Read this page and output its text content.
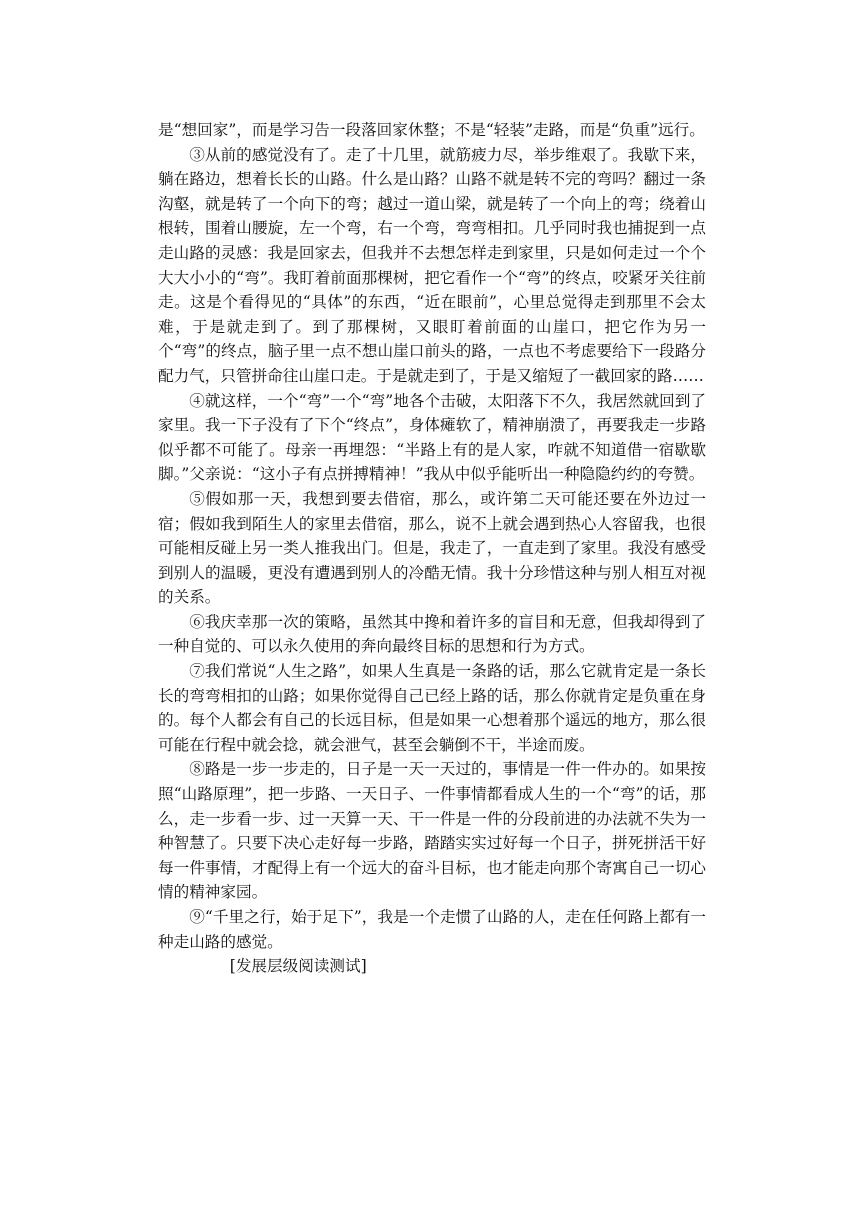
是“想回家”，而是学习告一段落回家休整；不是“轻装”走路，而是“负重”远行。

③从前的感觉没有了。走了十几里，就筋疲力尽，举步维艰了。我歇下来，躺在路边，想着长长的山路。什么是山路？山路不就是转不完的弯吗？翻过一条沟壑，就是转了一个向下的弯；越过一道山梁，就是转了一个向上的弯；绕着山根转，围着山腰旋，左一个弯，右一个弯，弯弯相扣。几乎同时我也捕捉到一点走山路的灵感：我是回家去，但我并不去想怎样走到家里，只是如何走过一个个大大小小的“弯”。我盯着前面那棵树，把它看作一个“弯”的终点，咬紧牙关往前走。这是个看得见的“具体”的东西，“近在眼前”，心里总觉得走到那里不会太难，于是就走到了。到了那棵树，又眼盯着前面的山崖口，把它作为另一个“弯”的终点，脑子里一点不想山崖口前头的路，一点也不考虑要给下一段路分配力气，只管拼命往山崖口走。于是就走到了，于是又缩短了一截回家的路……

④就这样，一个“弯”一个“弯”地各个击破，太阳落下不久，我居然就回到了家里。我一下子没有了下个“终点”，身体瘫软了，精神崩溃了，再要我走一步路似乎都不可能了。母亲一再埋怨：“半路上有的是人家，咋就不知道借一宿歇歇脚。”父亲说：“这小子有点拼搏精神！”我从中似乎能听出一种隐隐约约的夸赞。

⑤假如那一天，我想到要去借宿，那么，或许第二天可能还要在外边过一宿；假如我到陌生人的家里去借宿，那么，说不上就会遇到热心人容留我，也很可能相反碰上另一类人推我出门。但是，我走了，一直走到了家里。我没有感受到别人的温暖，更没有遭遇到别人的冷酷无情。我十分珍惜这种与别人相互对视的关系。

⑥我庆幸那一次的策略，虽然其中搀和着许多的盲目和无意，但我却得到了一种自觉的、可以永久使用的奔向最终目标的思想和行为方式。

⑦我们常说“人生之路”，如果人生真是一条路的话，那么它就肯定是一条长长的弯弯相扣的山路；如果你觉得自己已经上路的话，那么你就肯定是负重在身的。每个人都会有自己的长远目标，但是如果一心想着那个遥远的地方，那么很可能在行程中就会捻，就会泄气，甚至会躺倒不干，半途而废。

⑧路是一步一步走的，日子是一天一天过的，事情是一件一件办的。如果按照“山路原理”，把一步路、一天日子、一件事情都看成人生的一个“弯”的话，那么，走一步看一步、过一天算一天、干一件是一件的分段前进的办法就不失为一种智慧了。只要下决心走好每一步路，踏踏实实过好每一个日子，拼死拼活干好每一件事情，才配得上有一个远大的奋斗目标，也才能走向那个寄寓自己一切心情的精神家园。

⑨“千里之行，始于足下”，我是一个走惯了山路的人，走在任何路上都有一种走山路的感觉。

[发展层级阅读测试]
